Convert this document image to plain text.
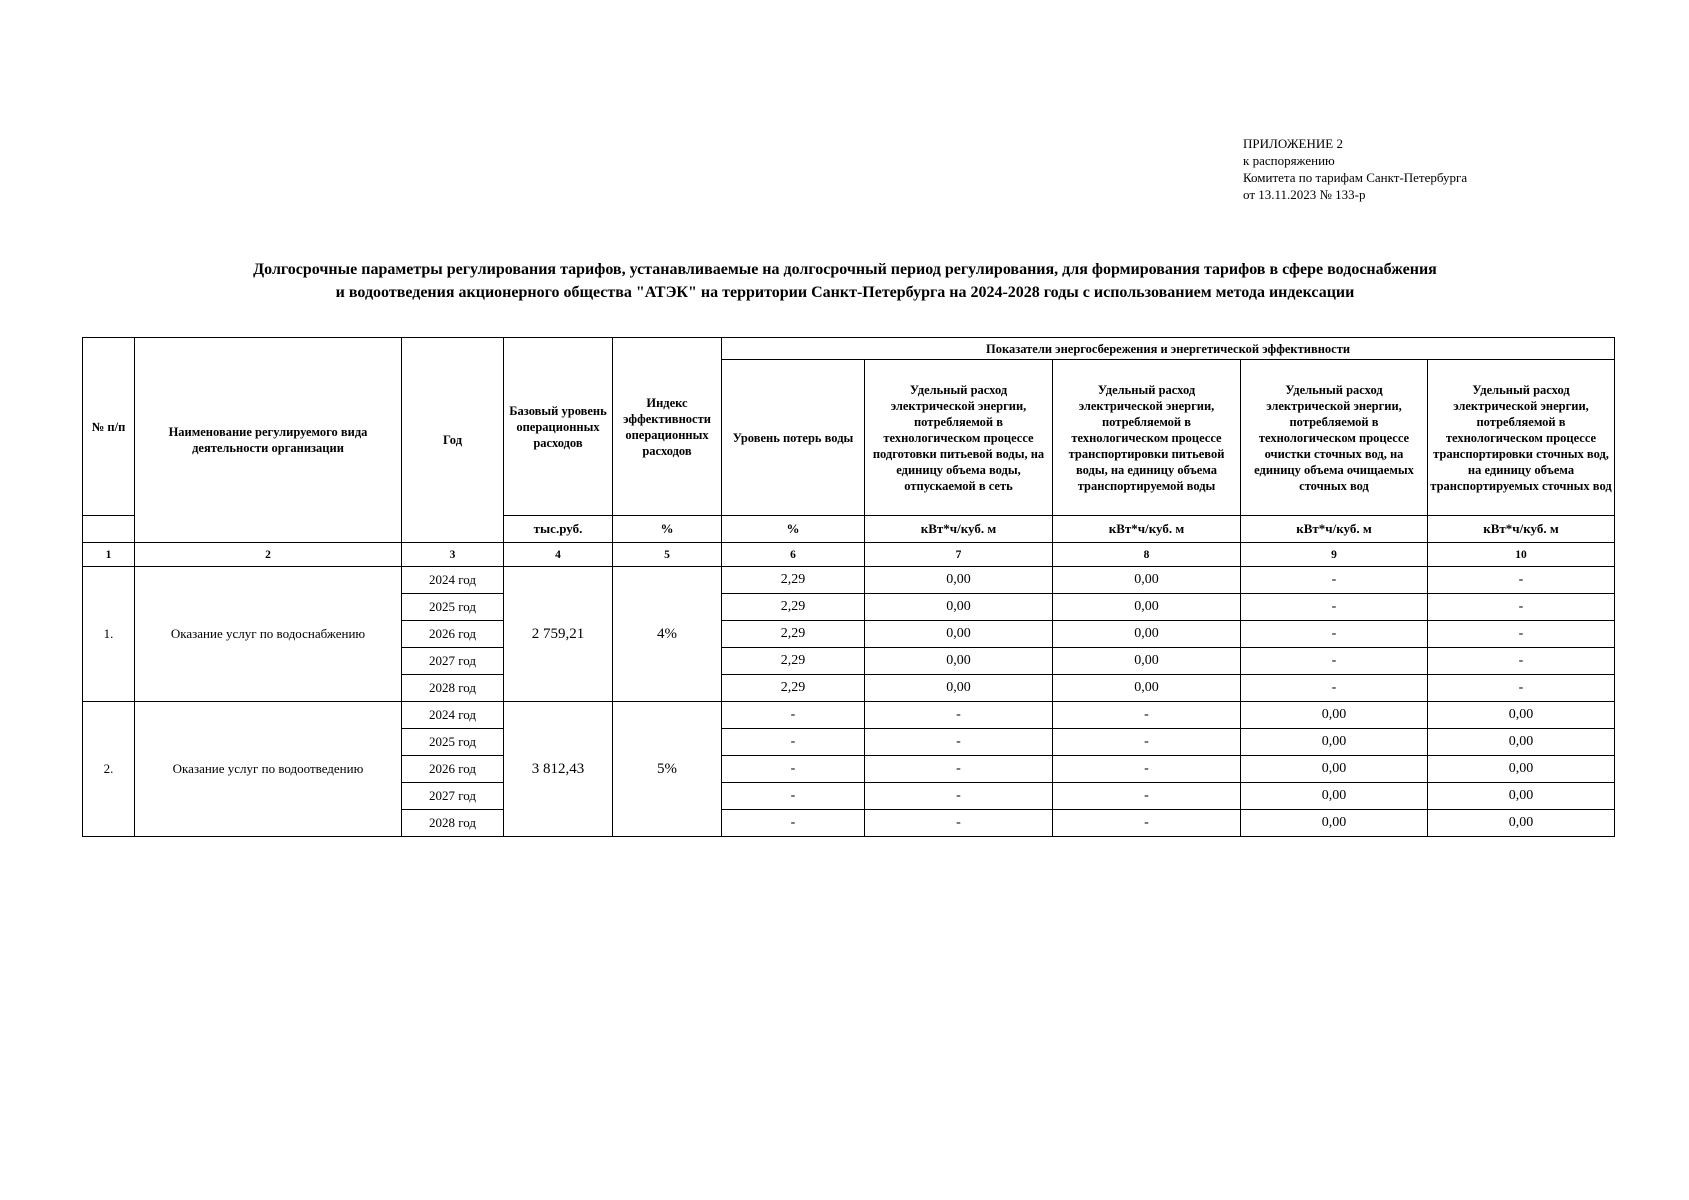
ПРИЛОЖЕНИЕ 2
к распоряжению
Комитета по тарифам Санкт-Петербурга
от 13.11.2023 № 133-р
Долгосрочные параметры регулирования тарифов, устанавливаемые на долгосрочный период регулирования, для формирования тарифов в сфере водоснабжения
и водоотведения акционерного общества "АТЭК" на территории Санкт-Петербурга на 2024-2028 годы с использованием метода индексации
№ п/п	Наименование регулируемого вида деятельности организации	Год	Базовый уровень операционных расходов	Индекс эффективности операционных расходов	Показатели энергосбережения и энергетической эффективности				
					Уровень потерь воды	Удельный расход электрической энергии, потребляемой в технологическом процессе подготовки питьевой воды, на единицу объема воды, отпускаемой в сеть	Удельный расход электрической энергии, потребляемой в технологическом процессе транспортировки питьевой воды, на единицу объема транспортируемой воды	Удельный расход электрической энергии, потребляемой в технологическом процессе очистки сточных вод, на единицу объема очищаемых сточных вод	Удельный расход электрической энергии, потребляемой в технологическом процессе транспортировки сточных вод, на единицу объема транспортируемых сточных вод
			тыс.руб.	%	%	кВт*ч/куб. м	кВт*ч/куб. м	кВт*ч/куб. м	кВт*ч/куб. м
1	2	3	4	5	6	7	8	9	10
1.	Оказание услуг по водоснабжению	2024 год	2 759,21	4%	2,29	0,00	0,00	-	-
		2025 год			2,29	0,00	0,00	-	-
		2026 год			2,29	0,00	0,00	-	-
		2027 год			2,29	0,00	0,00	-	-
		2028 год			2,29	0,00	0,00	-	-
2.	Оказание услуг по водоотведению	2024 год	3 812,43	5%	-	-	-	0,00	0,00
		2025 год			-	-	-	0,00	0,00
		2026 год			-	-	-	0,00	0,00
		2027 год			-	-	-	0,00	0,00
		2028 год			-	-	-	0,00	0,00
